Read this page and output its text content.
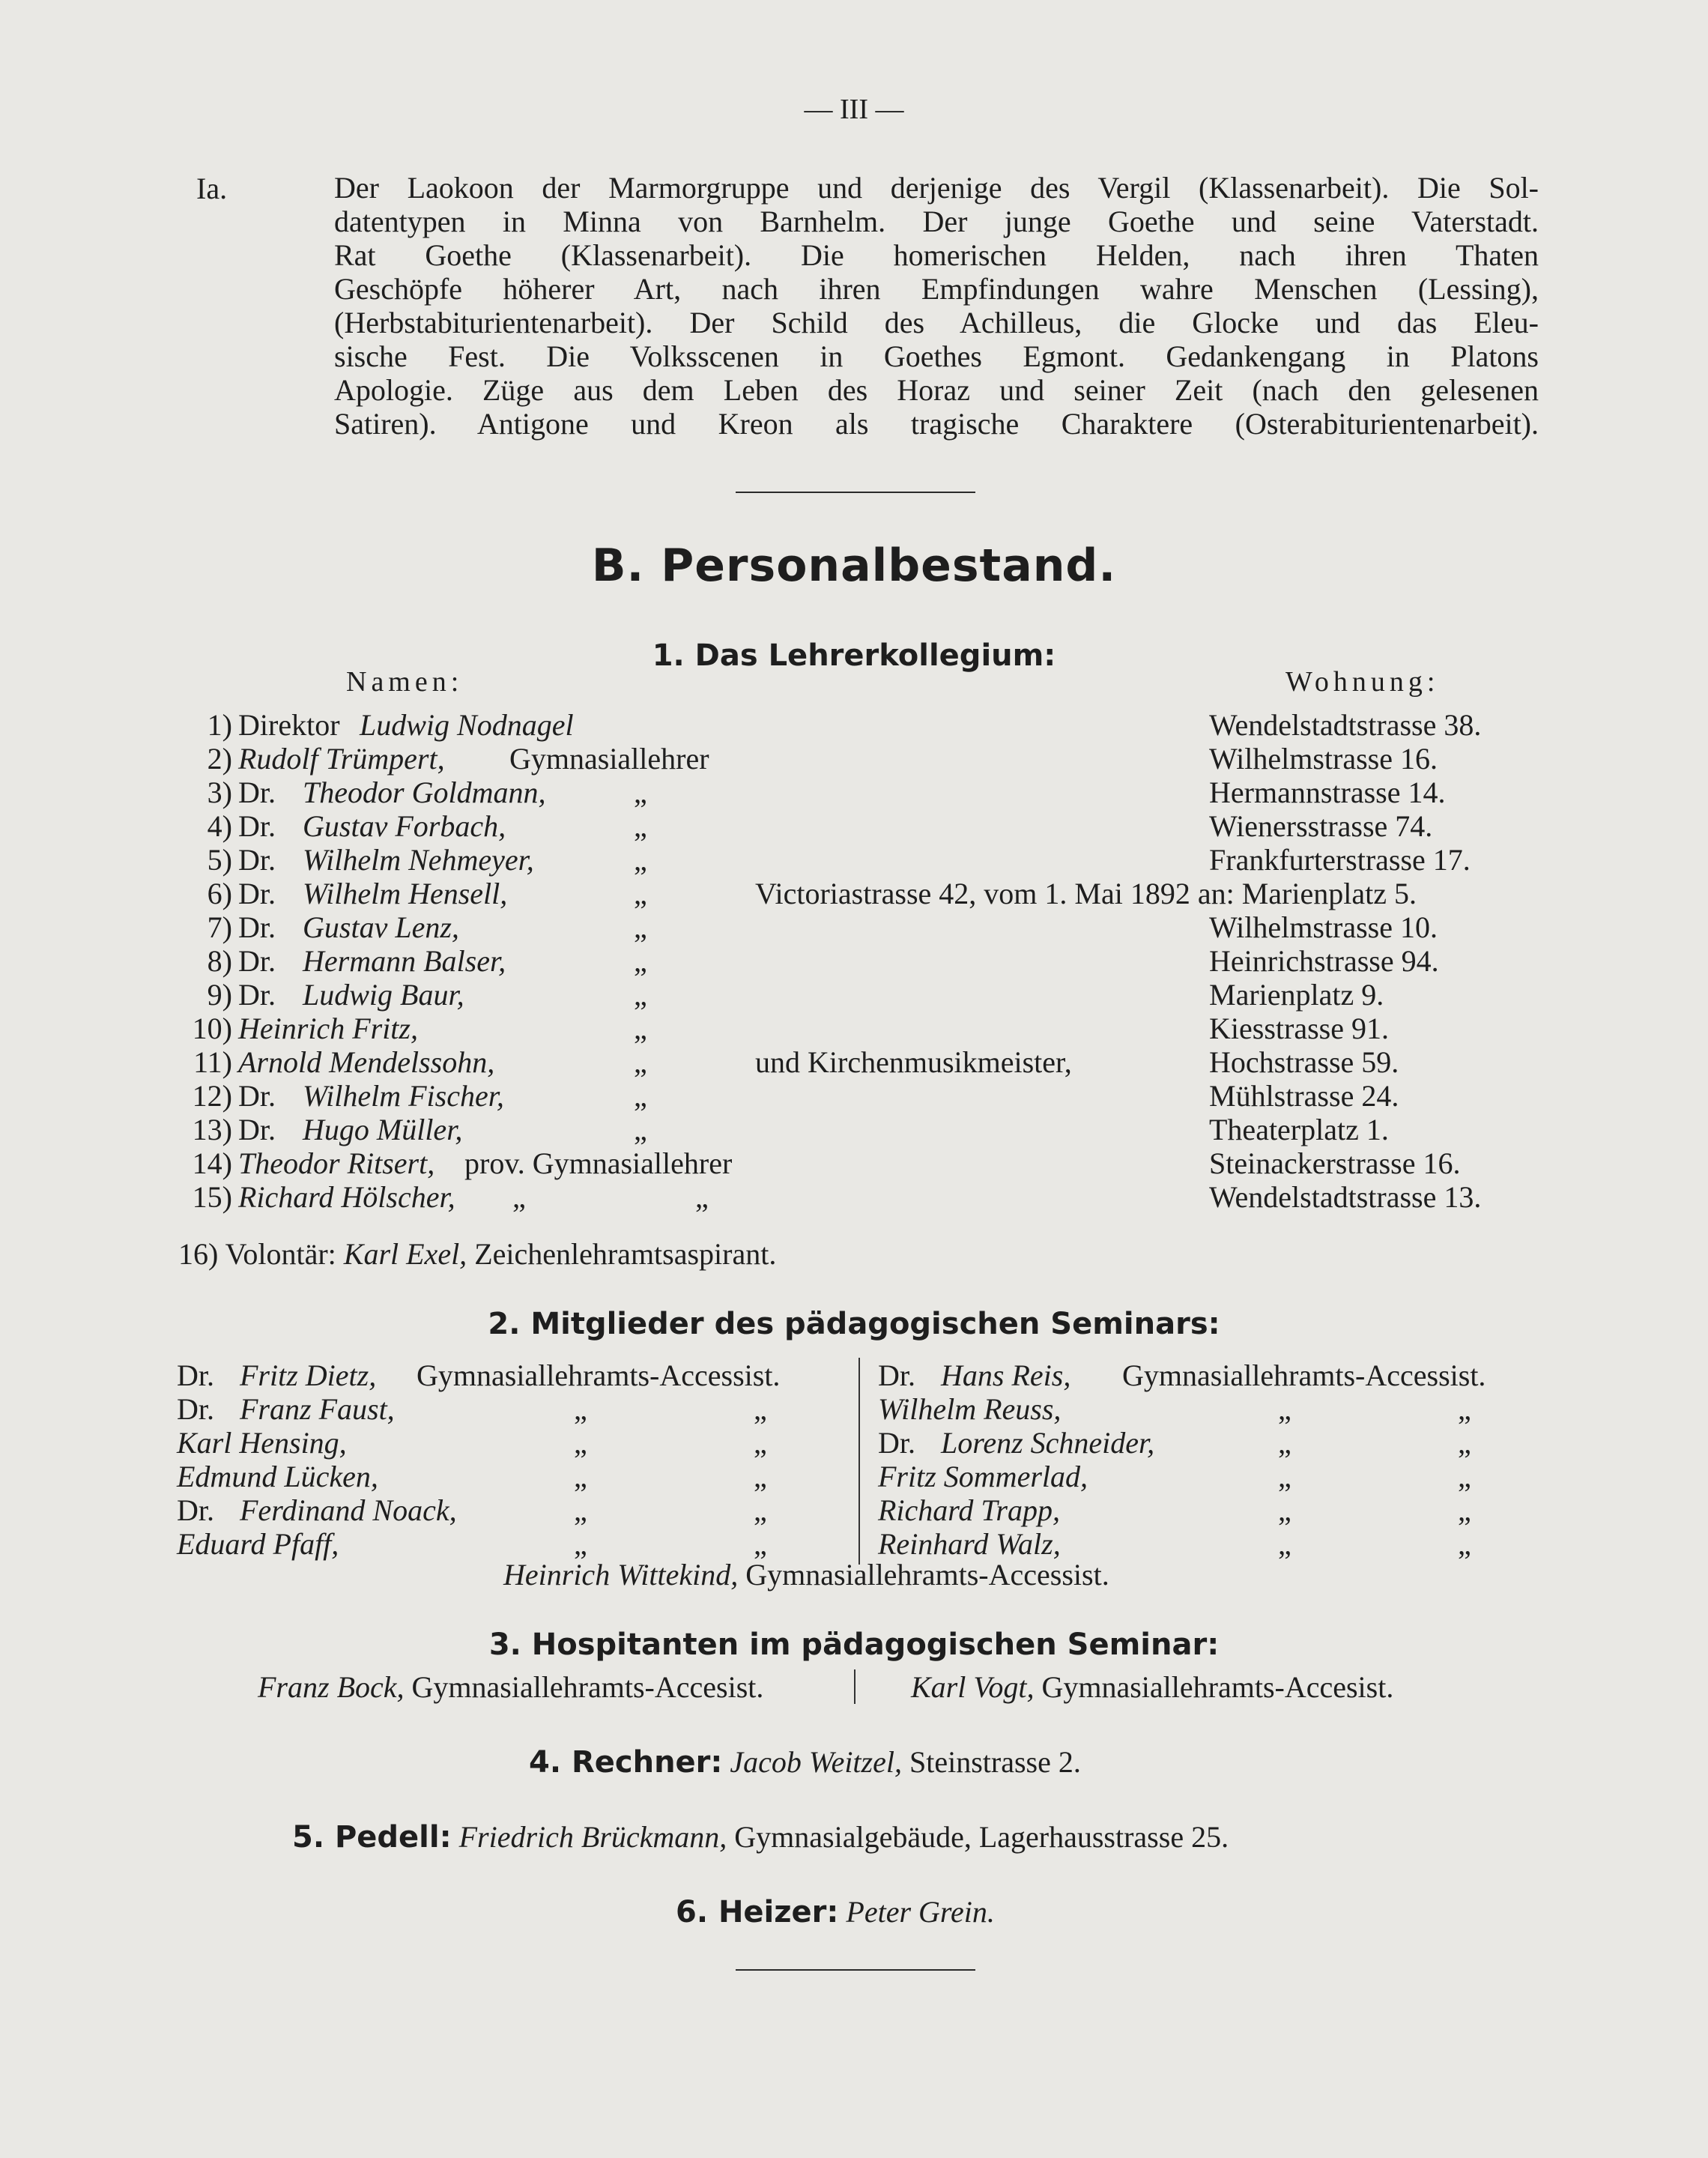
— III —
Ia.	Der Laokoon der Marmorgruppe und derjenige des Vergil (Klassenarbeit). Die Sol-
datentypen in Minna von Barnhelm. Der junge Goethe und seine Vaterstadt.
Rat Goethe (Klassenarbeit). Die homerischen Helden, nach ihren Thaten
Geschöpfe höherer Art, nach ihren Empfindungen wahre Menschen (Lessing),
(Herbstabiturientenarbeit). Der Schild des Achilleus, die Glocke und das Eleu-
sische Fest. Die Volksscenen in Goethes Egmont. Gedankengang in Platons
Apologie. Züge aus dem Leben des Horaz und seiner Zeit (nach den gelesenen
Satiren). Antigone und Kreon als tragische Charaktere (Osterabiturientenarbeit).
B. Personalbestand.
1. Das Lehrerkollegium:
Namen:	Wohnung:
1) Direktor Ludwig Nodnagel	Wendelstadtstrasse 38.
2) Rudolf Trümpert, Gymnasiallehrer	Wilhelmstrasse 16.
3) Dr. Theodor Goldmann,	„	Hermannstrasse 14.
4) Dr. Gustav Forbach,	„	Wienersstrasse 74.
5) Dr. Wilhelm Nehmeyer,	„	Frankfurterstrasse 17.
6) Dr. Wilhelm Hensell,	„	Victoriastrasse 42, vom 1. Mai 1892 an: Marienplatz 5.
7) Dr. Gustav Lenz,	„	Wilhelmstrasse 10.
8) Dr. Hermann Balser,	„	Heinrichstrasse 94.
9) Dr. Ludwig Baur,	„	Marienplatz 9.
10) Heinrich Fritz,	„	Kiesstrasse 91.
11) Arnold Mendelssohn,	„	und Kirchenmusikmeister,	Hochstrasse 59.
12) Dr. Wilhelm Fischer,	„	Mühlstrasse 24.
13) Dr. Hugo Müller,	„	Theaterplatz 1.
14) Theodor Ritsert, prov. Gymnasiallehrer	Steinackerstrasse 16.
15) Richard Hölscher, „	„	Wendelstadtstrasse 13.
16) Volontär: Karl Exel, Zeichenlehramtsaspirant.
2. Mitglieder des pädagogischen Seminars:
Dr. Fritz Dietz, Gymnasiallehramts-Accessist.
Dr. Franz Faust,	„	„
Karl Hensing,	„	„
Edmund Lücken,	„	„
Dr. Ferdinand Noack,	„	„
Eduard Pfaff,	„	„
Dr. Hans Reis, Gymnasiallehramts-Accessist.
Wilhelm Reuss,	„	„
Dr. Lorenz Schneider,	„	„
Fritz Sommerlad,	„	„
Richard Trapp,	„	„
Reinhard Walz,	„	„
Heinrich Wittekind, Gymnasiallehramts-Accessist.
3. Hospitanten im pädagogischen Seminar:
Franz Bock, Gymnasiallehramts-Accesist.	Karl Vogt, Gymnasiallehramts-Accesist.
4. Rechner: Jacob Weitzel, Steinstrasse 2.
5. Pedell: Friedrich Brückmann, Gymnasialgebäude, Lagerhausstrasse 25.
6. Heizer: Peter Grein.
